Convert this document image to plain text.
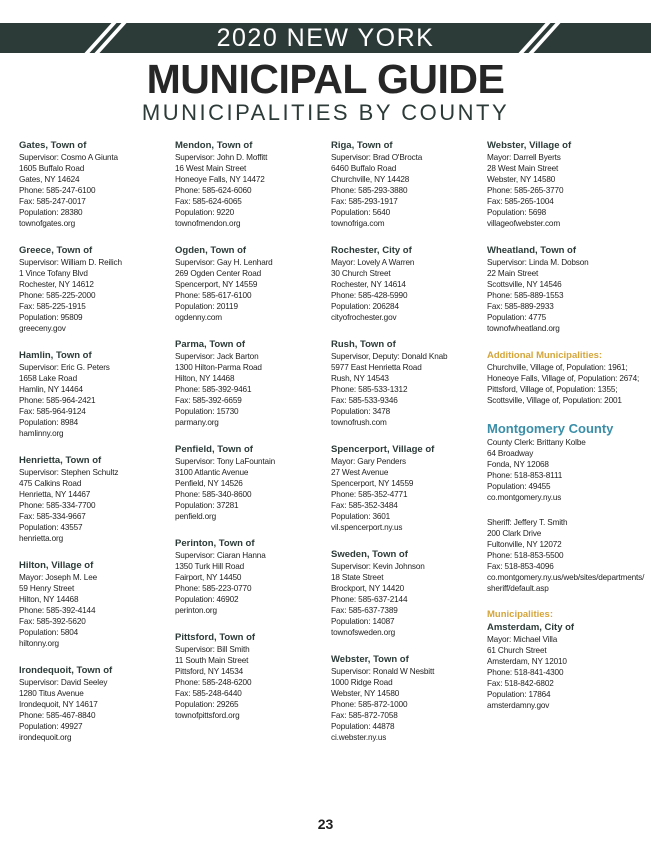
2020 NEW YORK
MUNICIPAL GUIDE
MUNICIPALITIES BY COUNTY
Gates, Town of
Supervisor: Cosmo A Giunta
1605 Buffalo Road
Gates, NY 14624
Phone: 585-247-6100
Fax: 585-247-0017
Population: 28380
townofgates.org
Greece, Town of
Supervisor: William D. Reilich
1 Vince Tofany Blvd
Rochester, NY 14612
Phone: 585-225-2000
Fax: 585-225-1915
Population: 95809
greeceny.gov
Hamlin, Town of
Supervisor: Eric G. Peters
1658 Lake Road
Hamlin, NY 14464
Phone: 585-964-2421
Fax: 585-964-9124
Population: 8984
hamlinny.org
Henrietta, Town of
Supervisor: Stephen Schultz
475 Calkins Road
Henrietta, NY 14467
Phone: 585-334-7700
Fax: 585-334-9667
Population: 43557
henrietta.org
Hilton, Village of
Mayor: Joseph M. Lee
59 Henry Street
Hilton, NY 14468
Phone: 585-392-4144
Fax: 585-392-5620
Population: 5804
hiltonny.org
Irondequoit, Town of
Supervisor: David Seeley
1280 Titus Avenue
Irondequoit, NY 14617
Phone: 585-467-8840
Population: 49927
irondequoit.org
Mendon, Town of
Supervisor: John D. Moffitt
16 West Main Street
Honeoye Falls, NY 14472
Phone: 585-624-6060
Fax: 585-624-6065
Population: 9220
townofmendon.org
Ogden, Town of
Supervisor: Gay H. Lenhard
269 Ogden Center Road
Spencerport, NY 14559
Phone: 585-617-6100
Population: 20119
ogdenny.com
Parma, Town of
Supervisor: Jack Barton
1300 Hilton-Parma Road
Hilton, NY 14468
Phone: 585-392-9461
Fax: 585-392-6659
Population: 15730
parmany.org
Penfield, Town of
Supervisor: Tony LaFountain
3100 Atlantic Avenue
Penfield, NY 14526
Phone: 585-340-8600
Population: 37281
penfield.org
Perinton, Town of
Supervisor: Ciaran Hanna
1350 Turk Hill Road
Fairport, NY 14450
Phone: 585-223-0770
Population: 46902
perinton.org
Pittsford, Town of
Supervisor: Bill Smith
11 South Main Street
Pittsford, NY 14534
Phone: 585-248-6200
Fax: 585-248-6440
Population: 29265
townofpittsford.org
Riga, Town of
Supervisor: Brad O'Brocta
6460 Buffalo Road
Churchville, NY 14428
Phone: 585-293-3880
Fax: 585-293-1917
Population: 5640
townofriga.com
Rochester, City of
Mayor: Lovely A Warren
30 Church Street
Rochester, NY 14614
Phone: 585-428-5990
Population: 206284
cityofrochester.gov
Rush, Town of
Supervisor, Deputy: Donald Knab
5977 East Henrietta Road
Rush, NY 14543
Phone: 585-533-1312
Fax: 585-533-9346
Population: 3478
townofrush.com
Spencerport, Village of
Mayor: Gary Penders
27 West Avenue
Spencerport, NY 14559
Phone: 585-352-4771
Fax: 585-352-3484
Population: 3601
vil.spencerport.ny.us
Sweden, Town of
Supervisor: Kevin Johnson
18 State Street
Brockport, NY 14420
Phone: 585-637-2144
Fax: 585-637-7389
Population: 14087
townofsweden.org
Webster, Town of
Supervisor: Ronald W Nesbitt
1000 Ridge Road
Webster, NY 14580
Phone: 585-872-1000
Fax: 585-872-7058
Population: 44878
ci.webster.ny.us
Webster, Village of
Mayor: Darrell Byerts
28 West Main Street
Webster, NY 14580
Phone: 585-265-3770
Fax: 585-265-1004
Population: 5698
villageofwebster.com
Wheatland, Town of
Supervisor: Linda M. Dobson
22 Main Street
Scottsville, NY 14546
Phone: 585-889-1553
Fax: 585-889-2933
Population: 4775
townofwheatland.org
Additional Municipalities:
Churchville, Village of, Population: 1961;
Honeoye Falls, Village of, Population: 2674;
Pittsford, Village of, Population: 1355;
Scottsville, Village of, Population: 2001
Montgomery County
County Clerk: Brittany Kolbe
64 Broadway
Fonda, NY 12068
Phone: 518-853-8111
Population: 49455
co.montgomery.ny.us
Sheriff: Jeffery T. Smith
200 Clark Drive
Fultonville, NY 12072
Phone: 518-853-5500
Fax: 518-853-4096
co.montgomery.ny.us/web/sites/departments/
sheriff/default.asp
Municipalities:
Amsterdam, City of
Mayor: Michael Villa
61 Church Street
Amsterdam, NY 12010
Phone: 518-841-4300
Fax: 518-842-6802
Population: 17864
amsterdamny.gov
23
